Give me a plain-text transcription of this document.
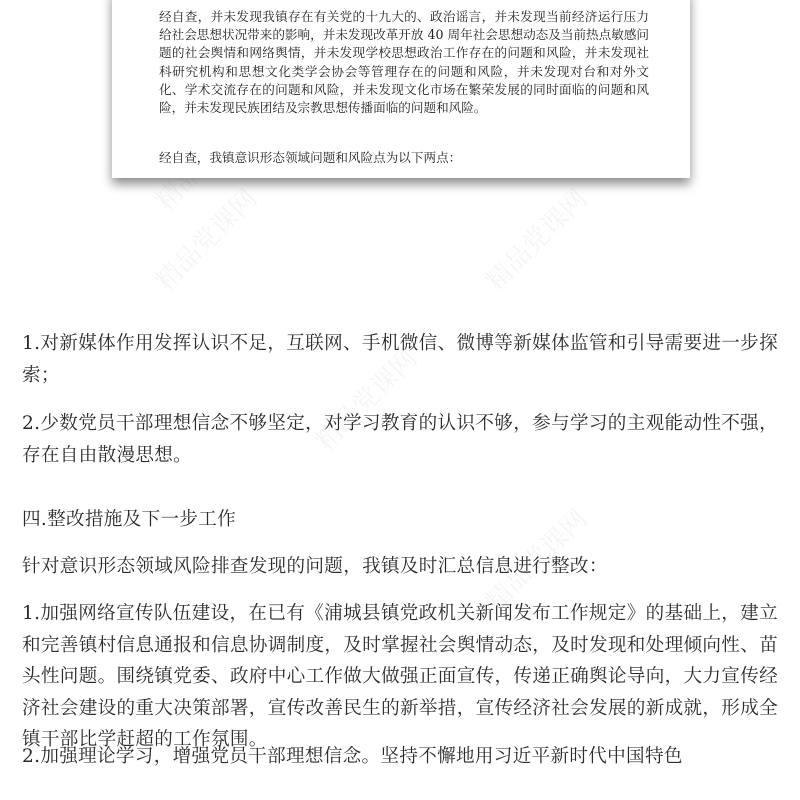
经自查，并未发现我镇存在有关党的十九大的、政治谣言，并未发现当前经济运行压力给社会思想状况带来的影响，并未发现改革开放 40 周年社会思想动态及当前热点敏感问题的社会舆情和网络舆情，并未发现学校思想政治工作存在的问题和风险，并未发现社科研究机构和思想文化类学会协会等管理存在的问题和风险，并未发现对台和对外文化、学术交流存在的问题和风险，并未发现文化市场在繁荣发展的同时面临的问题和风险，并未发现民族团结及宗教思想传播面临的问题和风险。

经自查，我镇意识形态领域问题和风险点为以下两点：

1.对新媒体作用发挥认识不足，互联网、手机微信、微博等新媒体监管和引导需要进一步探索；

2.少数党员干部理想信念不够坚定，对学习教育的认识不够，参与学习的主观能动性不强，存在自由散漫思想。

四.整改措施及下一步工作

针对意识形态领域风险排查发现的问题，我镇及时汇总信息进行整改：

1.加强网络宣传队伍建设，在已有《浦城县镇党政机关新闻发布工作规定》的基础上，建立和完善镇村信息通报和信息协调制度，及时掌握社会舆情动态，及时发现和处理倾向性、苗头性问题。围绕镇党委、政府中心工作做大做强正面宣传，传递正确舆论导向，大力宣传经济社会建设的重大决策部署，宣传改善民生的新举措，宣传经济社会发展的新成就，形成全镇干部比学赶超的工作氛围。

2.加强理论学习，增强党员干部理想信念。坚持不懈地用习近平新时代中国特色
